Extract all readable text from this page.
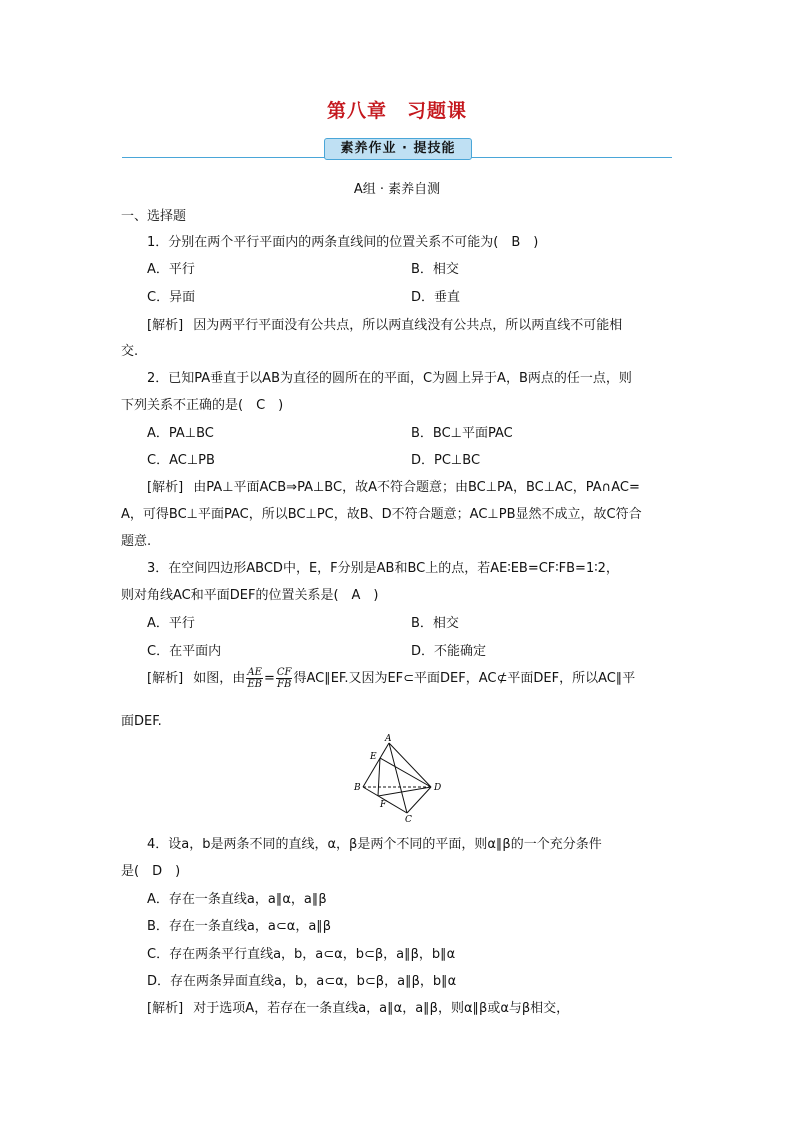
第八章　习题课
素养作业 · 提技能
A组 · 素养自测
一、选择题
1．分别在两个平行平面内的两条直线间的位置关系不可能为(　B　)
A．平行	B．相交
C．异面	D．垂直
[解析] 因为两平行平面没有公共点，所以两直线没有公共点，所以两直线不可能相
交.
2．已知PA垂直于以AB为直径的圆所在的平面，C为圆上异于A，B两点的任一点，则
下列关系不正确的是(　C　)
A．PA⊥BC	B．BC⊥平面PAC
C．AC⊥PB	D．PC⊥BC
[解析] 由PA⊥平面ACB⇒PA⊥BC，故A不符合题意；由BC⊥PA，BC⊥AC，PA∩AC=
A，可得BC⊥平面PAC，所以BC⊥PC，故B、D不符合题意；AC⊥PB显然不成立，故C符合
题意.
3．在空间四边形ABCD中，E，F分别是AB和BC上的点，若AE∶EB=CF∶FB=1∶2，
则对角线AC和平面DEF的位置关系是(　A　)
A．平行	B．相交
C．在平面内	D．不能确定
[解析] 如图，由 $\frac{AE}{EB} = \frac{CF}{FB}$ 得AC∥EF.又因为EF⊂平面DEF，AC⊄平面DEF，所以AC∥平
面DEF.
A
E
B
F
C
D
4．设a，b是两条不同的直线，α，β是两个不同的平面，则α∥β的一个充分条件
是(　D　)
A．存在一条直线a，a∥α，a∥β
B．存在一条直线a，a⊂α，a∥β
C．存在两条平行直线a，b，a⊂α，b⊂β，a∥β，b∥α
D．存在两条异面直线a，b，a⊂α，b⊂β，a∥β，b∥α
[解析] 对于选项A，若存在一条直线a，a∥α，a∥β，则α∥β或α与β相交，
